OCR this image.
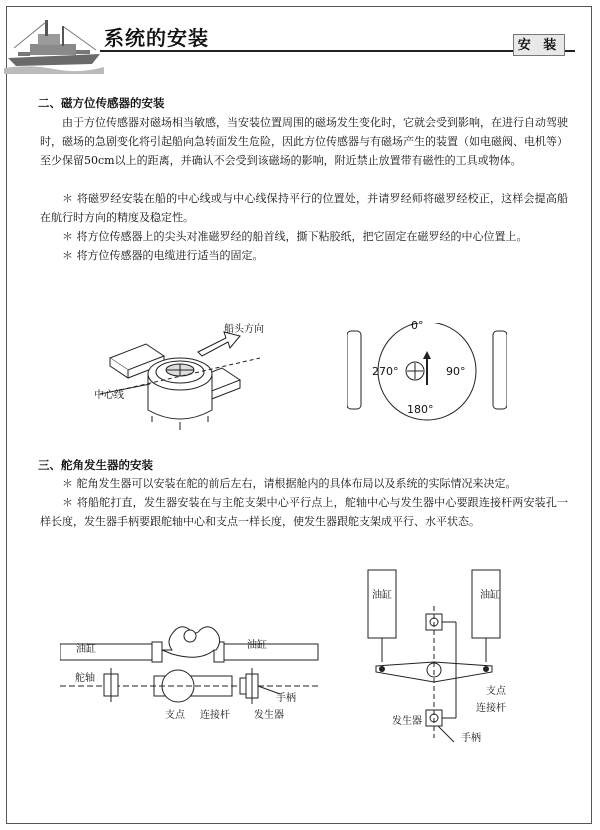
系统的安装	安 装
二、磁方位传感器的安装
由于方位传感器对磁场相当敏感，当安装位置周围的磁场发生变化时，它就会受到影响，在进行自动驾驶时，磁场的急剧变化将引起船向急转面发生危险，因此方位传感器与有磁场产生的装置（如电磁阀、电机等）至少保留50cm以上的距离，并确认不会受到该磁场的影响，附近禁止放置带有磁性的工具或物体。
＊ 将磁罗经安装在船的中心线或与中心线保持平行的位置处，并请罗经师将磁罗经校正，这样会提高船在航行时方向的精度及稳定性。
＊ 将方位传感器上的尖头对准磁罗经的船首线，撕下粘胶纸，把它固定在磁罗经的中心位置上。
＊ 将方位传感器的电缆进行适当的固定。
船头方向
中心线
0°
270°	90°
180°
三、舵角发生器的安装
＊ 舵角发生器可以安装在舵的前后左右，请根据舱内的具体布局以及系统的实际情况来决定。
＊ 将船舵打直，发生器安装在与主舵支架中心平行点上，舵轴中心与发生器中心要跟连接杆两安装孔一样长度，发生器手柄要跟舵轴中心和支点一样长度，使发生器跟舵支架成平行、水平状态。
油缸	油缸
舵轴
手柄
支点 连接杆 发生器
油缸	油缸
支点
连接杆
发生器
手柄
